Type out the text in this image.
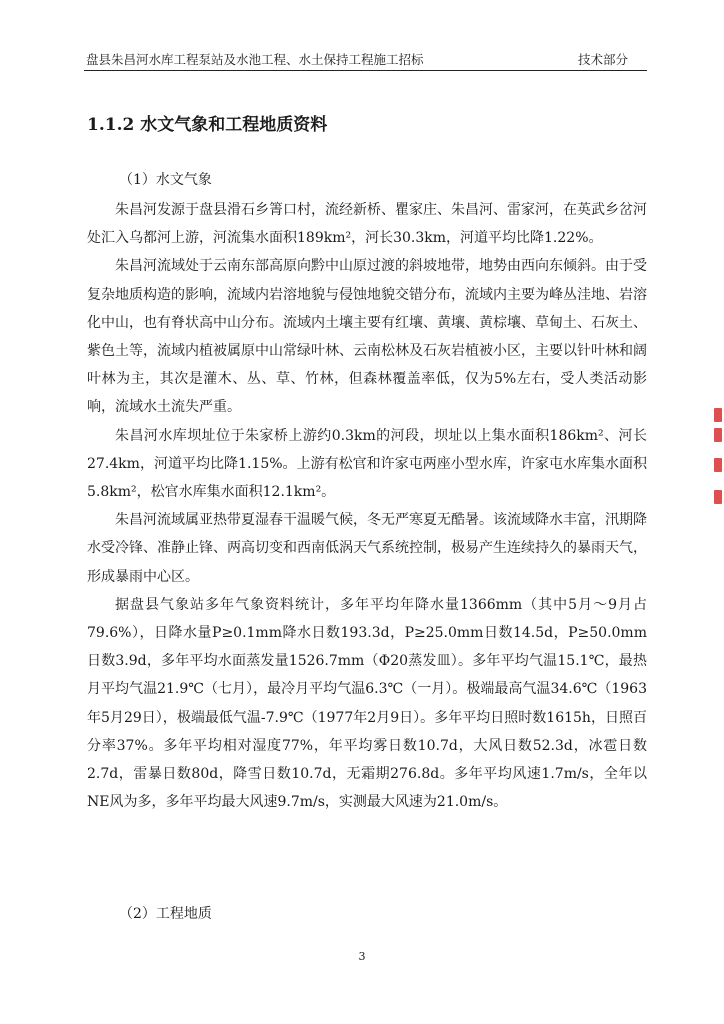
盘县朱昌河水库工程泵站及水池工程、水土保持工程施工招标	技术部分
1.1.2 水文气象和工程地质资料
（1）水文气象

朱昌河发源于盘县滑石乡箐口村，流经新桥、瞿家庄、朱昌河、雷家河，在英武乡岔河处汇入乌都河上游，河流集水面积189km²，河长30.3km，河道平均比降1.22%。

朱昌河流域处于云南东部高原向黔中山原过渡的斜坡地带，地势由西向东倾斜。由于受复杂地质构造的影响，流域内岩溶地貌与侵蚀地貌交错分布，流域内主要为峰丛洼地、岩溶化中山，也有脊状高中山分布。流域内土壤主要有红壤、黄壤、黄棕壤、草甸土、石灰土、紫色土等，流域内植被属原中山常绿叶林、云南松林及石灰岩植被小区，主要以针叶林和阔叶林为主，其次是灌木、丛、草、竹林，但森林覆盖率低，仅为5%左右，受人类活动影响，流域水土流失严重。

朱昌河水库坝址位于朱家桥上游约0.3km的河段，坝址以上集水面积186km²、河长27.4km，河道平均比降1.15%。上游有松官和许家屯两座小型水库，许家屯水库集水面积5.8km²，松官水库集水面积12.1km²。

朱昌河流域属亚热带夏湿春干温暖气候，冬无严寒夏无酷暑。该流域降水丰富，汛期降水受冷锋、准静止锋、两高切变和西南低涡天气系统控制，极易产生连续持久的暴雨天气，形成暴雨中心区。

据盘县气象站多年气象资料统计，多年平均年降水量1366mm（其中5月～9月占79.6%），日降水量P≥0.1mm降水日数193.3d，P≥25.0mm日数14.5d，P≥50.0mm日数3.9d，多年平均水面蒸发量1526.7mm（Φ20蒸发皿）。多年平均气温15.1℃，最热月平均气温21.9℃（七月），最冷月平均气温6.3℃（一月）。极端最高气温34.6℃（1963年5月29日），极端最低气温-7.9℃（1977年2月9日）。多年平均日照时数1615h，日照百分率37%。多年平均相对湿度77%，年平均雾日数10.7d，大风日数52.3d，冰雹日数2.7d，雷暴日数80d，降雪日数10.7d，无霜期276.8d。多年平均风速1.7m/s，全年以NE风为多，多年平均最大风速9.7m/s，实测最大风速为21.0m/s。

（2）工程地质
3
